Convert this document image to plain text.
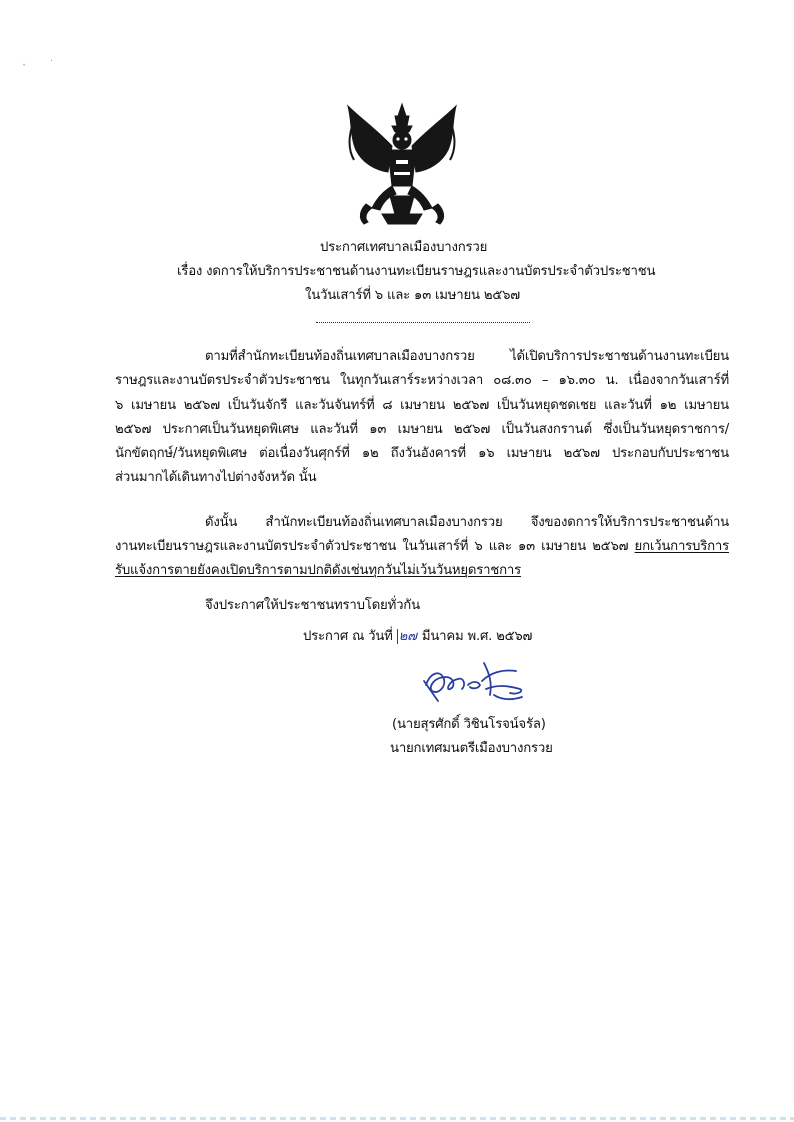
ˇ
.
ประกาศเทศบาลเมืองบางกรวย
เรื่อง งดการให้บริการประชาชนด้านงานทะเบียนราษฎรและงานบัตรประจำตัวประชาชน
ในวันเสาร์ที่ ๖ และ ๑๓ เมษายน ๒๕๖๗
ตามที่สำนักทะเบียนท้องถิ่นเทศบาลเมืองบางกรวย ได้เปิดบริการประชาชนด้านงานทะเบียน
ราษฎรและงานบัตรประจำตัวประชาชน ในทุกวันเสาร์ระหว่างเวลา ๐๘.๓๐ – ๑๖.๓๐ น. เนื่องจากวันเสาร์ที่
๖ เมษายน ๒๕๖๗ เป็นวันจักรี และวันจันทร์ที่ ๘ เมษายน ๒๕๖๗ เป็นวันหยุดชดเชย และวันที่ ๑๒ เมษายน
๒๕๖๗ ประกาศเป็นวันหยุดพิเศษ และวันที่ ๑๓ เมษายน ๒๕๖๗ เป็นวันสงกรานต์ ซึ่งเป็นวันหยุดราชการ/
นักขัตฤกษ์/วันหยุดพิเศษ ต่อเนื่องวันศุกร์ที่ ๑๒ ถึงวันอังคารที่ ๑๖ เมษายน ๒๕๖๗ ประกอบกับประชาชน
ส่วนมากได้เดินทางไปต่างจังหวัด นั้น
ดังนั้น สำนักทะเบียนท้องถิ่นเทศบาลเมืองบางกรวย จึงของดการให้บริการประชาชนด้าน
งานทะเบียนราษฎรและงานบัตรประจำตัวประชาชน ในวันเสาร์ที่ ๖ และ ๑๓ เมษายน ๒๕๖๗ ยกเว้นการบริการ
รับแจ้งการตายยังคงเปิดบริการตามปกติดังเช่นทุกวันไม่เว้นวันหยุดราชการ
จึงประกาศให้ประชาชนทราบโดยทั่วกัน
ประกาศ ณ วันที่ ๒๗ มีนาคม พ.ศ. ๒๕๖๗
(นายสุรศักดิ์ วิชินโรจน์จรัล)
นายกเทศมนตรีเมืองบางกรวย
